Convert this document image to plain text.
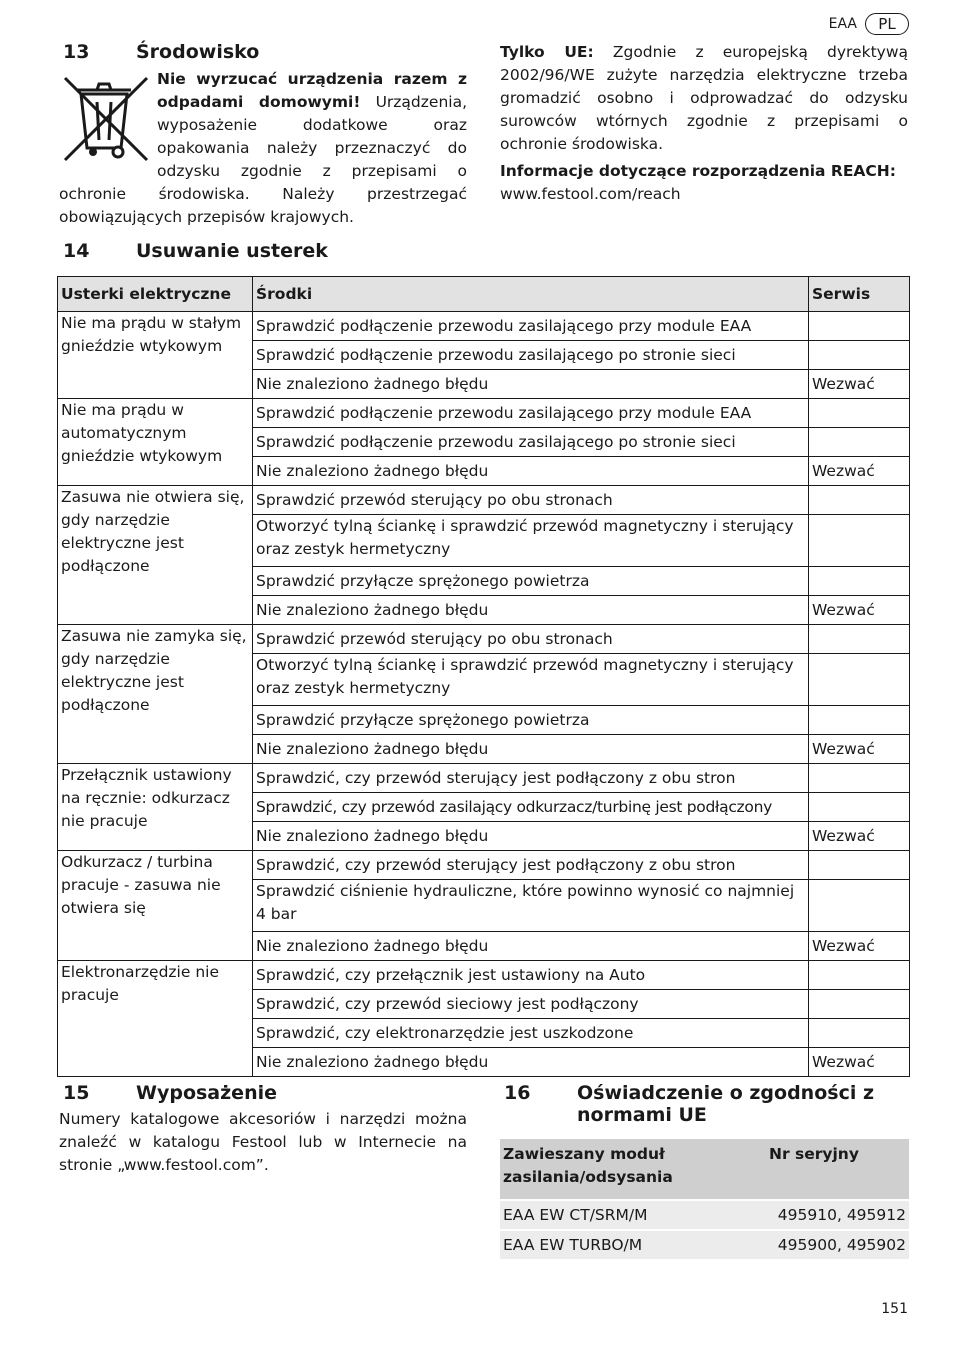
EAA	PL
13 Środowisko

Nie wyrzucać urządzenia razem z odpadami domowymi! Urządzenia, wyposażenie dodatkowe oraz opakowania należy przeznaczyć do odzysku zgodnie z przepisami o ochronie środowiska. Należy przestrzegać obowiązujących przepisów krajowych.

Tylko UE: Zgodnie z europejską dyrektywą 2002/96/WE zużyte narzędzia elektryczne trzeba gromadzić osobno i odprowadzać do odzysku surowców wtórnych zgodnie z przepisami o ochronie środowiska.

Informacje dotyczące rozporządzenia REACH:

www.festool.com/reach

14 Usuwanie usterek
Usterki elektryczne	Środki	Serwis
Nie ma prądu w stałym gnieździe wtykowym	Sprawdzić podłączenie przewodu zasilającego przy module EAA	
	Sprawdzić podłączenie przewodu zasilającego po stronie sieci	
	Nie znaleziono żadnego błędu	Wezwać
Nie ma prądu w automatycznym gnieździe wtykowym	Sprawdzić podłączenie przewodu zasilającego przy module EAA	
	Sprawdzić podłączenie przewodu zasilającego po stronie sieci	
	Nie znaleziono żadnego błędu	Wezwać
Zasuwa nie otwiera się, gdy narzędzie elektryczne jest podłączone	Sprawdzić przewód sterujący po obu stronach	
	Otworzyć tylną ściankę i sprawdzić przewód magnetyczny i sterujący oraz zestyk hermetyczny	
	Sprawdzić przyłącze sprężonego powietrza	
	Nie znaleziono żadnego błędu	Wezwać
Zasuwa nie zamyka się, gdy narzędzie elektryczne jest podłączone	Sprawdzić przewód sterujący po obu stronach	
	Otworzyć tylną ściankę i sprawdzić przewód magnetyczny i sterujący oraz zestyk hermetyczny	
	Sprawdzić przyłącze sprężonego powietrza	
	Nie znaleziono żadnego błędu	Wezwać
Przełącznik ustawiony na ręcznie: odkurzacz nie pracuje	Sprawdzić, czy przewód sterujący jest podłączony z obu stron	
	Sprawdzić, czy przewód zasilający odkurzacz/turbinę jest podłączony	
	Nie znaleziono żadnego błędu	Wezwać
Odkurzacz / turbina pracuje - zasuwa nie otwiera się	Sprawdzić, czy przewód sterujący jest podłączony z obu stron	
	Sprawdzić ciśnienie hydrauliczne, które powinno wynosić co najmniej 4 bar	
	Nie znaleziono żadnego błędu	Wezwać
Elektronarzędzie nie pracuje	Sprawdzić, czy przełącznik jest ustawiony na Auto	
	Sprawdzić, czy przewód sieciowy jest podłączony	
	Sprawdzić, czy elektronarzędzie jest uszkodzone	
	Nie znaleziono żadnego błędu	Wezwać
15 Wyposażenie

Numery katalogowe akcesoriów i narzędzi można znaleźć w katalogu Festool lub w Internecie na stronie „www.festool.com”.

16 Oświadczenie o zgodności z normami UE
Zawieszany moduł zasilania/odsysania	Nr seryjny
EAA EW CT/SRM/M	495910, 495912
EAA EW TURBO/M	495900, 495902
151
